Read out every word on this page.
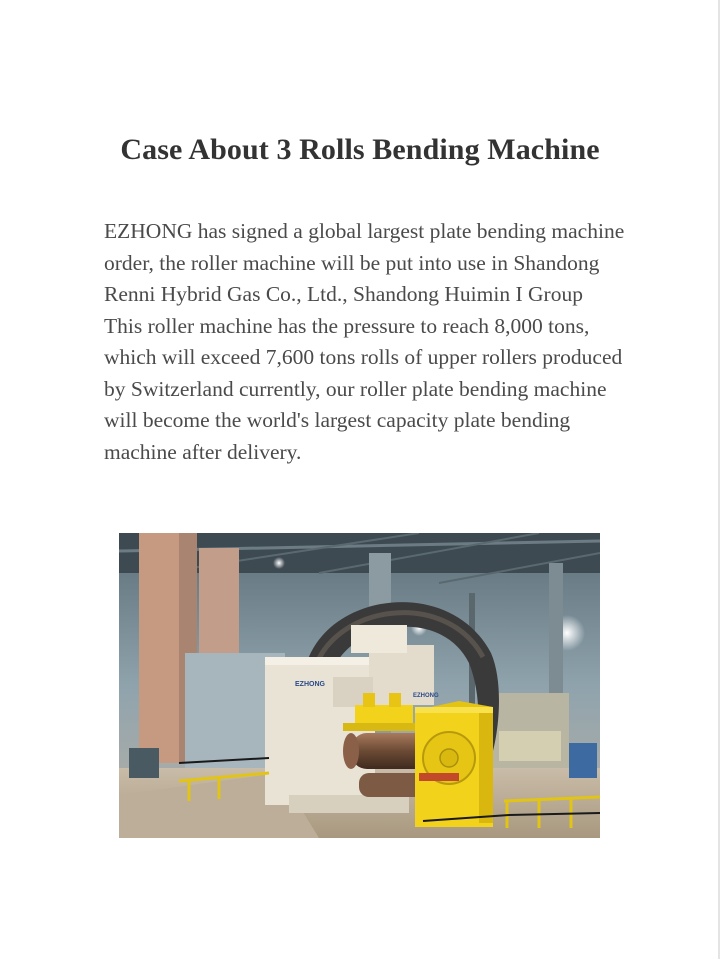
Case About 3 Rolls Bending Machine

EZHONG has signed a global largest plate bending machine order, the roller machine will be put into use in Shandong Renni Hybrid Gas Co., Ltd., Shandong Huimin I Group

This roller machine has the pressure to reach 8,000 tons, which will exceed 7,600 tons rolls of upper rollers produced by Switzerland currently, our roller plate bending machine will become the world's largest capacity plate bending machine after delivery.

EZHONG
EZHONG
